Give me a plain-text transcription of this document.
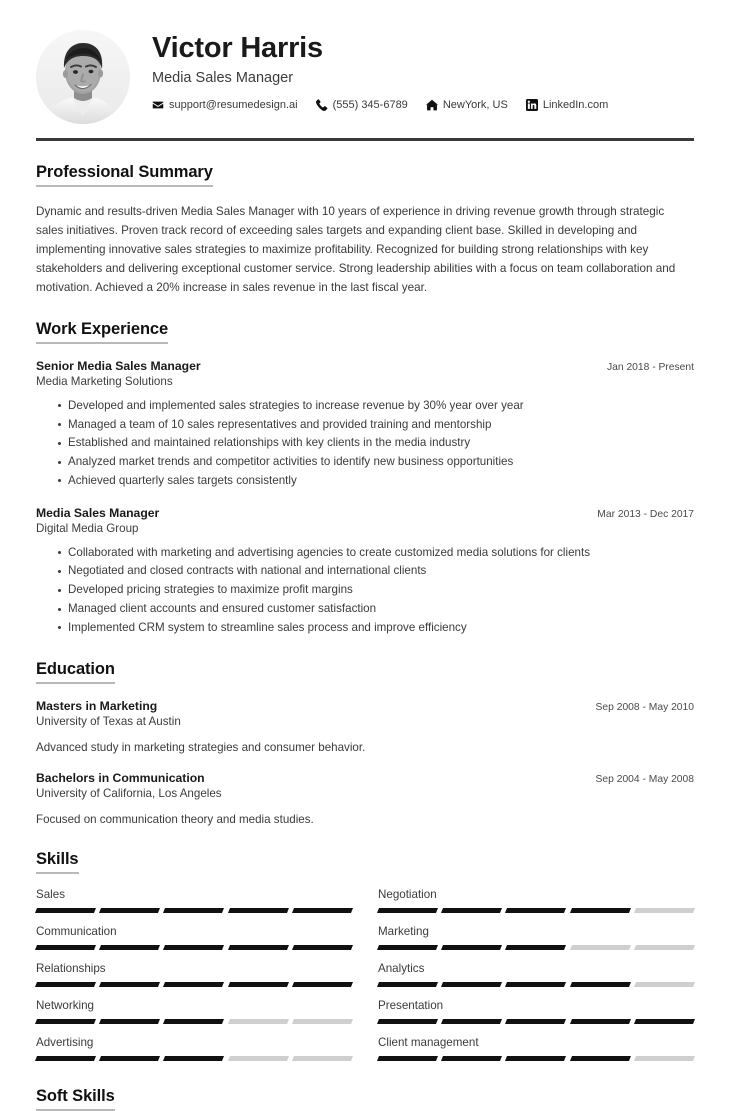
Victor Harris
Media Sales Manager
support@resumedesign.ai	(555) 345-6789	NewYork, US	LinkedIn.com
Professional Summary

Dynamic and results-driven Media Sales Manager with 10 years of experience in driving revenue growth through strategic sales initiatives. Proven track record of exceeding sales targets and expanding client base. Skilled in developing and implementing innovative sales strategies to maximize profitability. Recognized for building strong relationships with key stakeholders and delivering exceptional customer service. Strong leadership abilities with a focus on team collaboration and motivation. Achieved a 20% increase in sales revenue in the last fiscal year.

Work Experience
Senior Media Sales Manager	Jan 2018 - Present
Media Marketing Solutions
Developed and implemented sales strategies to increase revenue by 30% year over year
Managed a team of 10 sales representatives and provided training and mentorship
Established and maintained relationships with key clients in the media industry
Analyzed market trends and competitor activities to identify new business opportunities
Achieved quarterly sales targets consistently
Media Sales Manager	Mar 2013 - Dec 2017
Digital Media Group
Collaborated with marketing and advertising agencies to create customized media solutions for clients
Negotiated and closed contracts with national and international clients
Developed pricing strategies to maximize profit margins
Managed client accounts and ensured customer satisfaction
Implemented CRM system to streamline sales process and improve efficiency
Education
Masters in Marketing	Sep 2008 - May 2010
University of Texas at Austin
Advanced study in marketing strategies and consumer behavior.
Bachelors in Communication	Sep 2004 - May 2008
University of California, Los Angeles
Focused on communication theory and media studies.
Skills
Sales	Negotiation
Communication	Marketing
Relationships	Analytics
Networking	Presentation
Advertising	Client management
Soft Skills
